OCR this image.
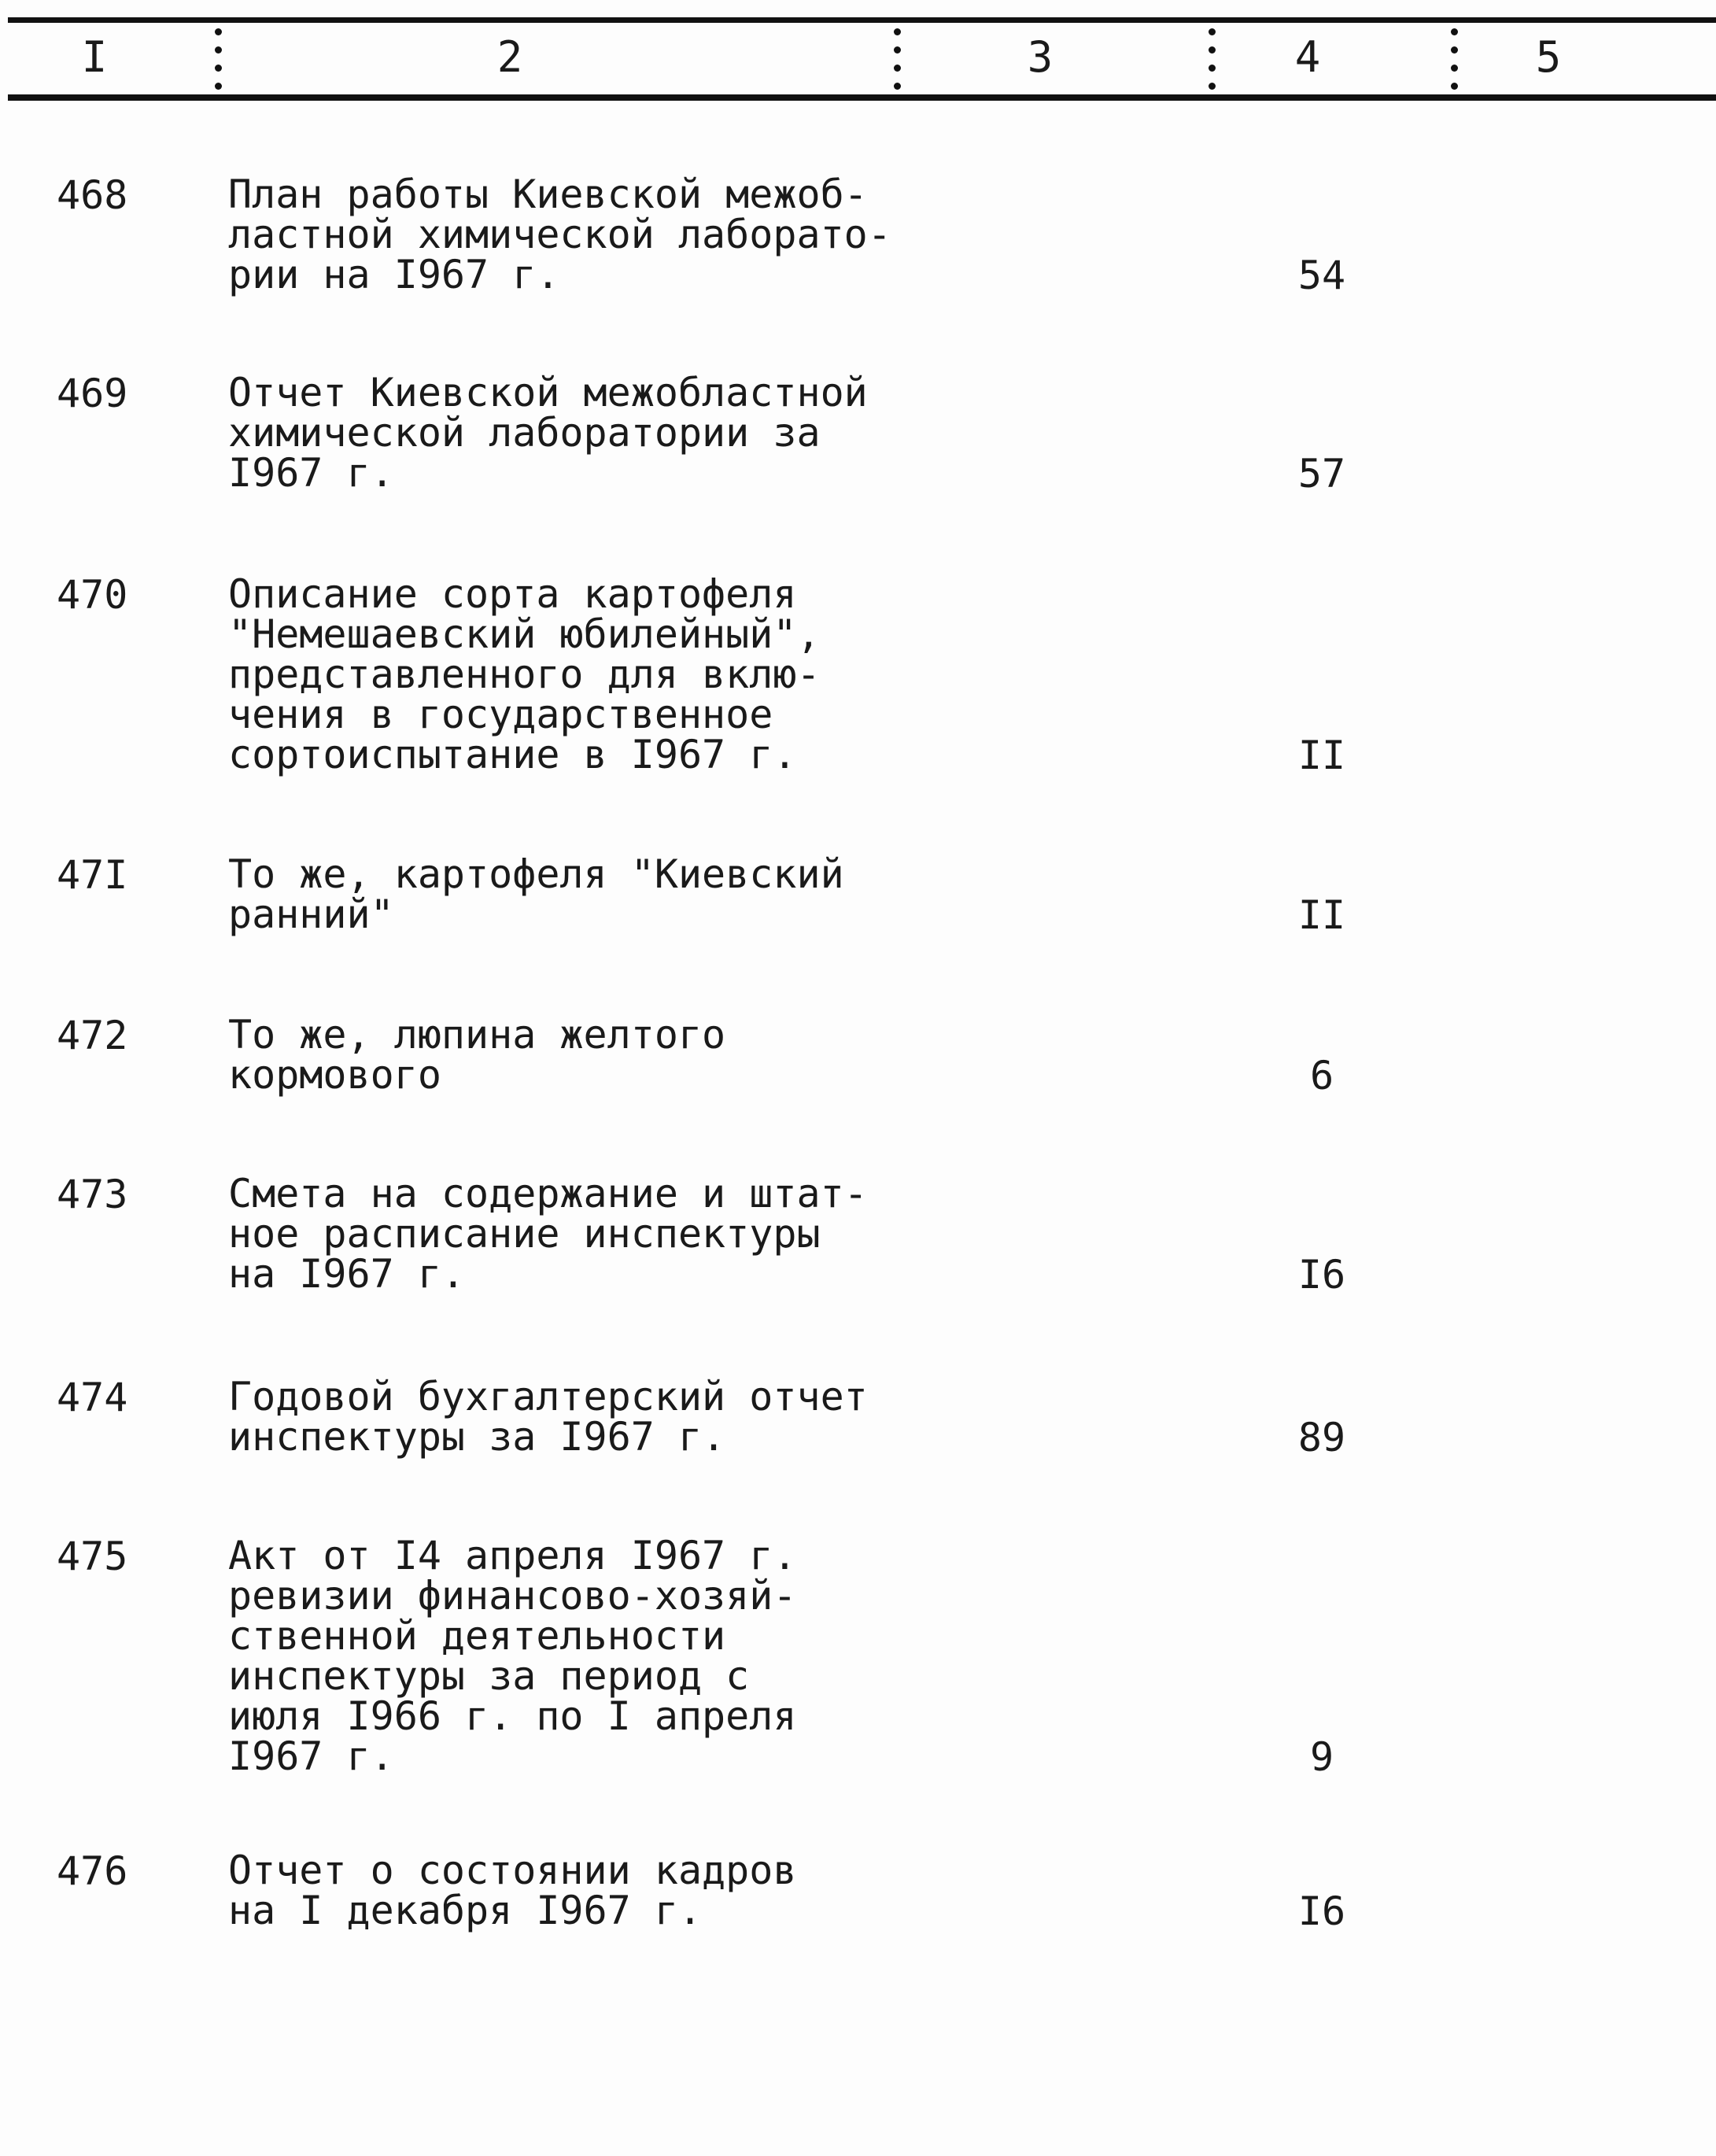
I	2	3	4	5
468	План работы Киевской межоб-
ластной химической лаборато-
рии на I967 г.	54
469	Отчет Киевской межобластной
химической лаборатории за
I967 г.	57
470	Описание сорта картофеля
"Немешаевский юбилейный",
представленного для вклю-
чения в государственное
сортоиспытание в I967 г.	II
47I	То же, картофеля "Киевский
ранний"	II
472	То же, люпина желтого
кормового	6
473	Смета на содержание и штат-
ное расписание инспектуры
на I967 г.	I6
474	Годовой бухгалтерский отчет
инспектуры за I967 г.	89
475	Акт от I4 апреля I967 г.
ревизии финансово-хозяй-
ственной деятельности
инспектуры за период с
июля I966 г. по I апреля
I967 г.	9
476	Отчет о состоянии кадров
на I декабря I967 г.	I6
